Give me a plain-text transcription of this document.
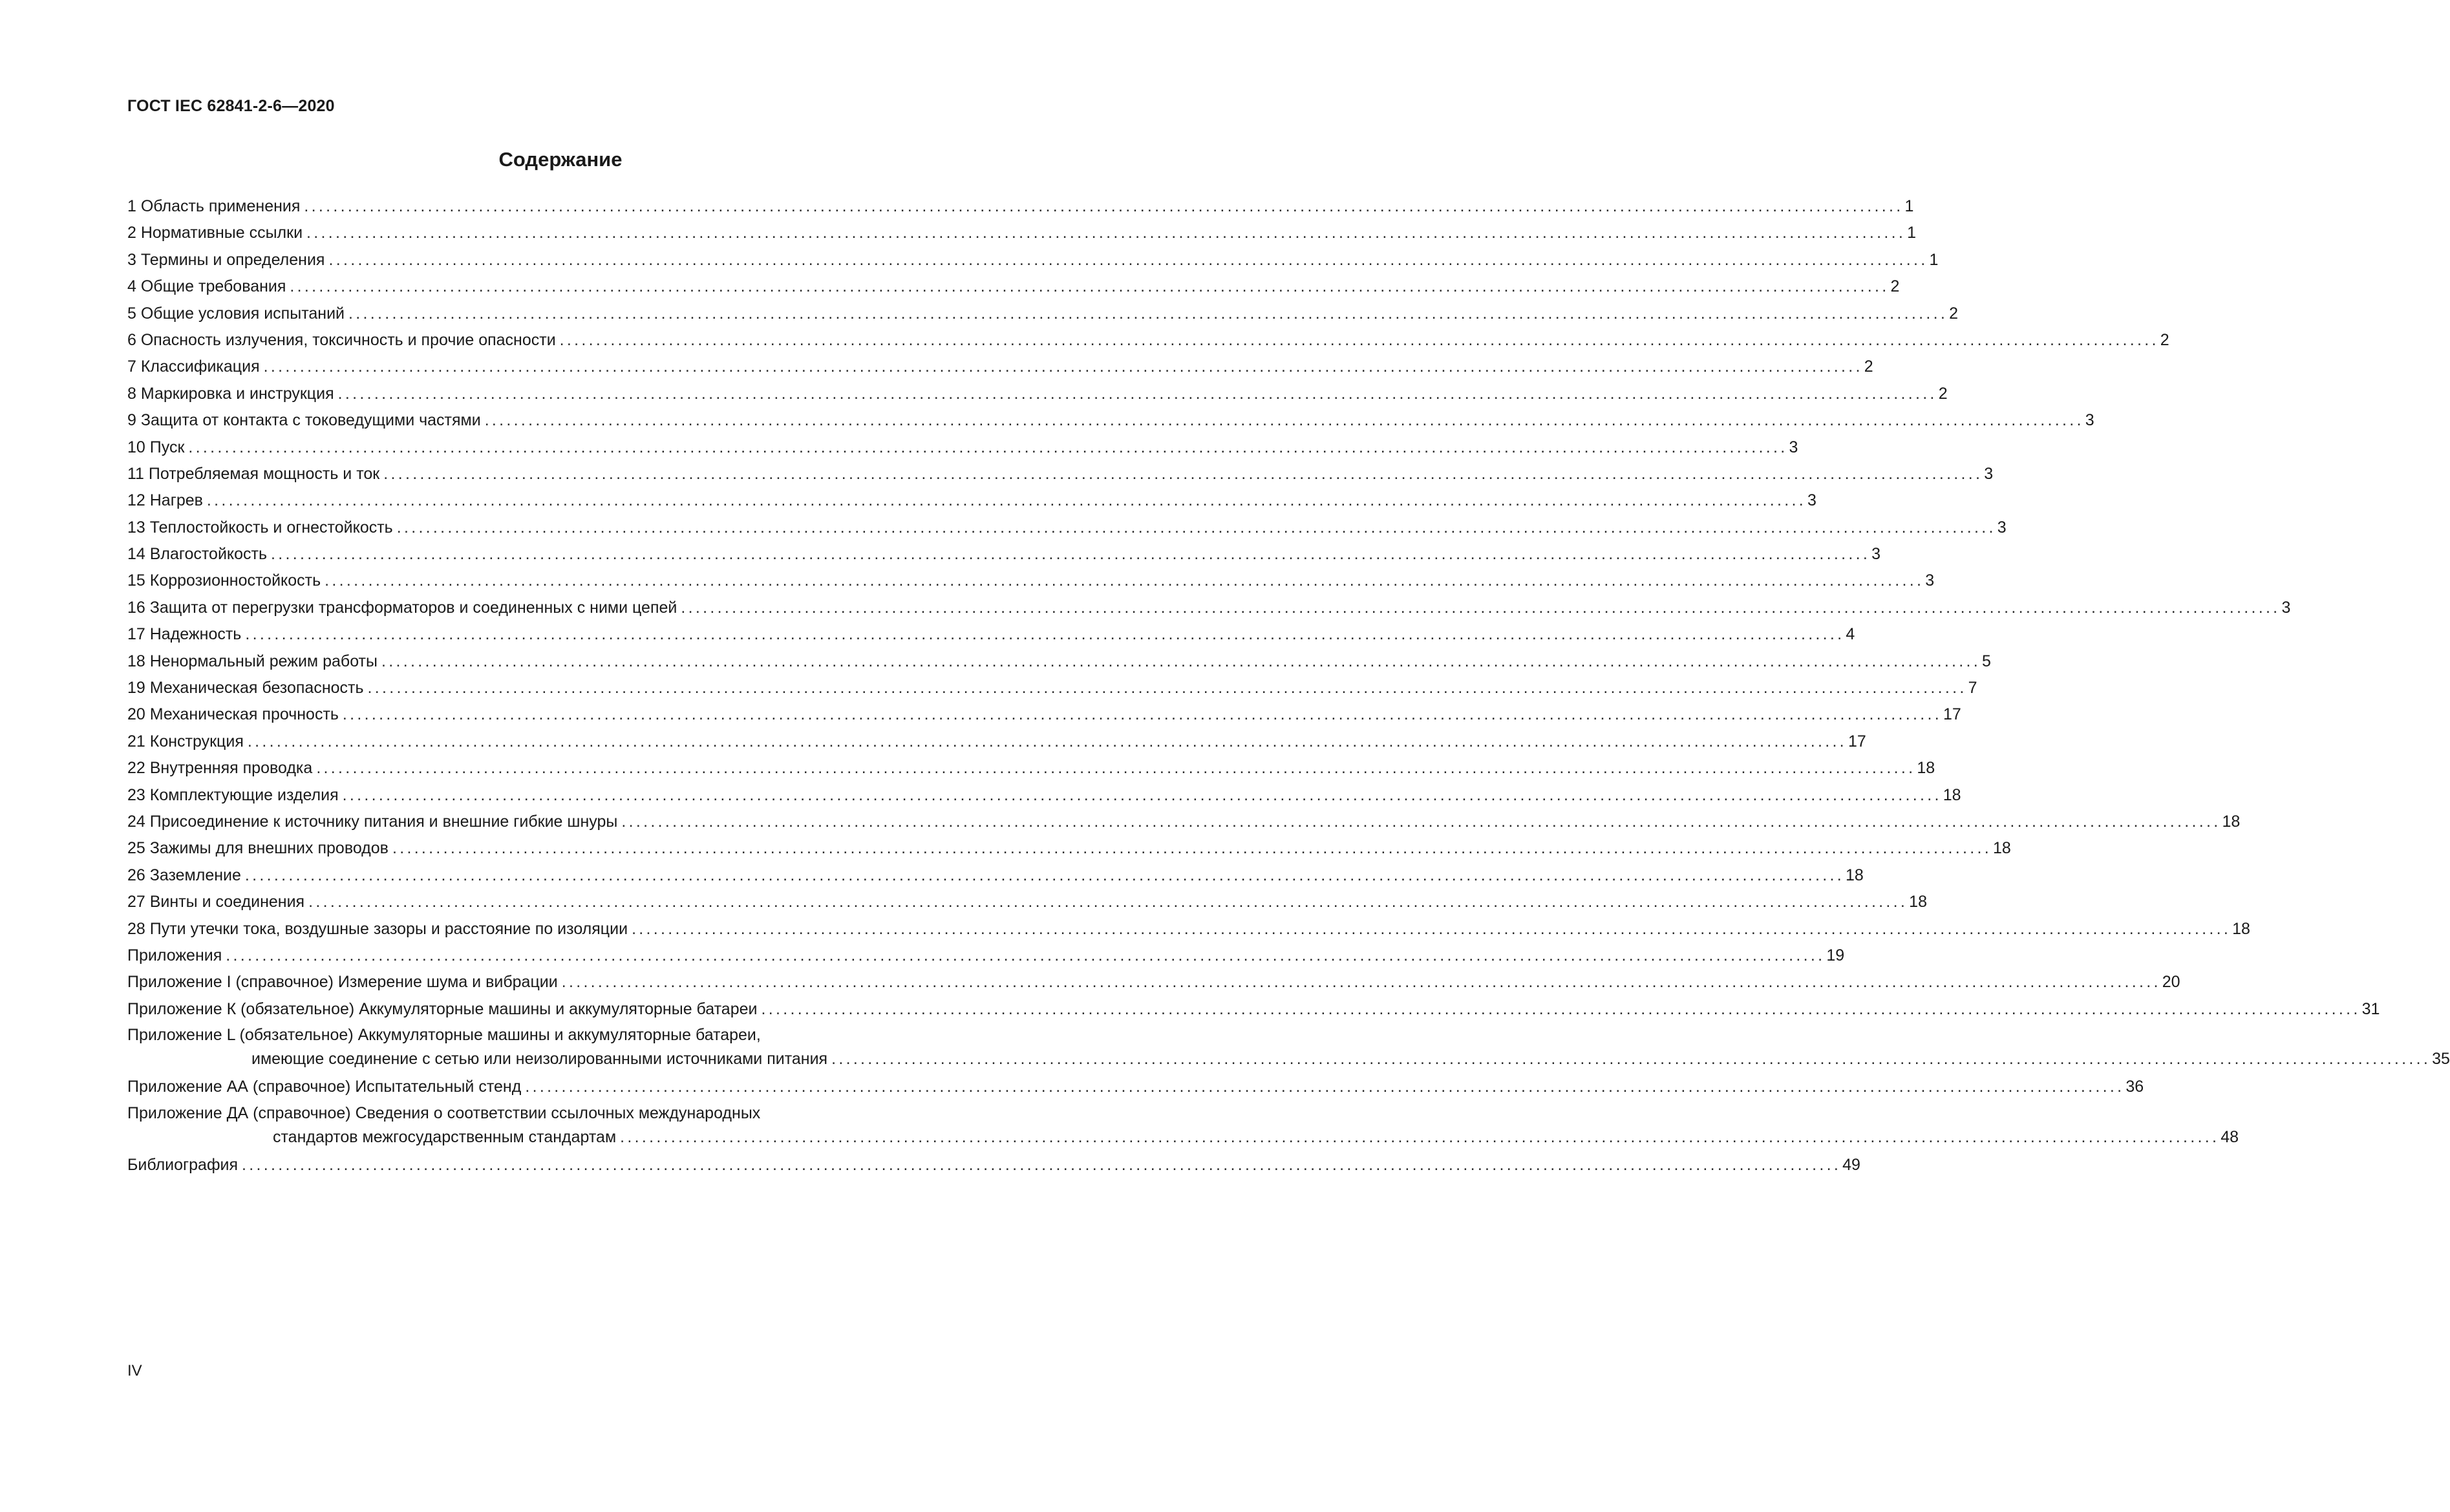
ГОСТ IEC 62841-2-6—2020
Содержание
1 Область применения ............................................................................................................................................................................................................................ 1
2 Нормативные ссылки ............................................................................................................................................................................................................................ 1
3 Термины и определения ............................................................................................................................................................................................................................ 1
4 Общие требования ............................................................................................................................................................................................................................ 2
5 Общие условия испытаний ............................................................................................................................................................................................................................ 2
6 Опасность излучения, токсичность и прочие опасности ............................................................................................................................................................................................................................ 2
7 Классификация ............................................................................................................................................................................................................................ 2
8 Маркировка и инструкция ............................................................................................................................................................................................................................ 2
9 Защита от контакта с токоведущими частями ............................................................................................................................................................................................................................ 3
10 Пуск ............................................................................................................................................................................................................................ 3
11 Потребляемая мощность и ток ............................................................................................................................................................................................................................ 3
12 Нагрев ............................................................................................................................................................................................................................ 3
13 Теплостойкость и огнестойкость ............................................................................................................................................................................................................................ 3
14 Влагостойкость ............................................................................................................................................................................................................................ 3
15 Коррозионностойкость ............................................................................................................................................................................................................................ 3
16 Защита от перегрузки трансформаторов и соединенных с ними цепей ............................................................................................................................................................................................................................ 3
17 Надежность ............................................................................................................................................................................................................................ 4
18 Ненормальный режим работы ............................................................................................................................................................................................................................ 5
19 Механическая безопасность ............................................................................................................................................................................................................................ 7
20 Механическая прочность ............................................................................................................................................................................................................................ 17
21 Конструкция ............................................................................................................................................................................................................................ 17
22 Внутренняя проводка ............................................................................................................................................................................................................................ 18
23 Комплектующие изделия ............................................................................................................................................................................................................................ 18
24 Присоединение к источнику питания и внешние гибкие шнуры ............................................................................................................................................................................................................................ 18
25 Зажимы для внешних проводов ............................................................................................................................................................................................................................ 18
26 Заземление ............................................................................................................................................................................................................................ 18
27 Винты и соединения ............................................................................................................................................................................................................................ 18
28 Пути утечки тока, воздушные зазоры и расстояние по изоляции ............................................................................................................................................................................................................................ 18
Приложения ............................................................................................................................................................................................................................ 19
Приложение I (справочное) Измерение шума и вибрации ............................................................................................................................................................................................................................ 20
Приложение К (обязательное) Аккумуляторные машины и аккумуляторные батареи ............................................................................................................................................................................................................................ 31
Приложение L (обязательное) Аккумуляторные машины и аккумуляторные батареи,
имеющие соединение с сетью или неизолированными источниками питания ............................................................................................................................................................................................................................ 35
Приложение АА (справочное) Испытательный стенд ............................................................................................................................................................................................................................ 36
Приложение ДА (справочное) Сведения о соответствии ссылочных международных
стандартов межгосударственным стандартам ............................................................................................................................................................................................................................ 48
Библиография ............................................................................................................................................................................................................................ 49
IV
